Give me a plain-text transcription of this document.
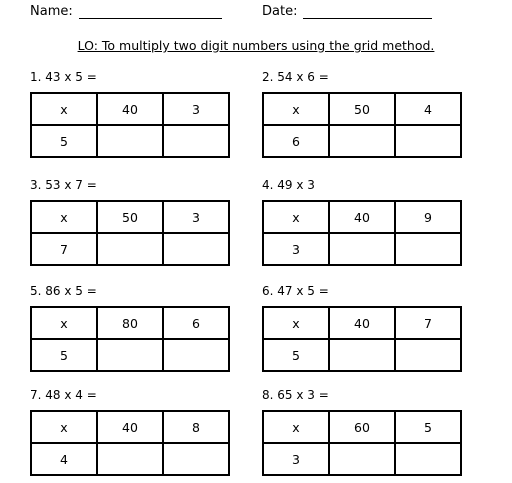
Name:	Date:
LO: To multiply two digit numbers using the grid method.
1. 43 x 5 =
x	40	3
5		
2. 54 x 6 =
x	50	4
6		
3. 53 x 7 =
x	50	3
7		
4. 49 x 3
x	40	9
3		
5. 86 x 5 =
x	80	6
5		
6. 47 x 5 =
x	40	7
5		
7. 48 x 4 =
x	40	8
4		
8. 65 x 3 =
x	60	5
3		
